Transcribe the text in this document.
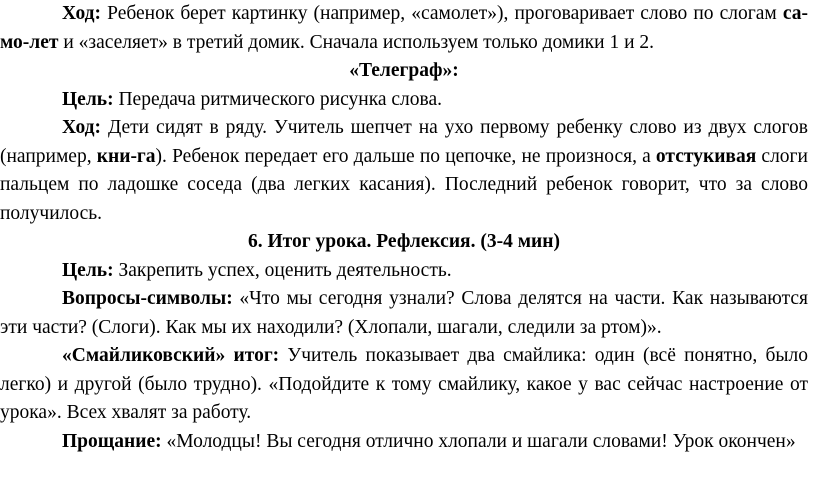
Ход: Ребенок берет картинку (например, «самолет»), проговаривает слово по слогам са-мо-лет и «заселяет» в третий домик. Сначала используем только домики 1 и 2.

«Телеграф»:

Цель: Передача ритмического рисунка слова.

Ход: Дети сидят в ряду. Учитель шепчет на ухо первому ребенку слово из двух слогов (например, кни-га). Ребенок передает его дальше по цепочке, не произнося, а отстукивая слоги пальцем по ладошке соседа (два легких касания). Последний ребенок говорит, что за слово получилось.

6. Итог урока. Рефлексия. (3-4 мин)

Цель: Закрепить успех, оценить деятельность.

Вопросы-символы: «Что мы сегодня узнали? Слова делятся на части. Как называются эти части? (Слоги). Как мы их находили? (Хлопали, шагали, следили за ртом)».

«Смайликовский» итог: Учитель показывает два смайлика: один (всё понятно, было легко) и другой (было трудно). «Подойдите к тому смайлику, какое у вас сейчас настроение от урока». Всех хвалят за работу.

Прощание: «Молодцы! Вы сегодня отлично хлопали и шагали словами! Урок окончен»
